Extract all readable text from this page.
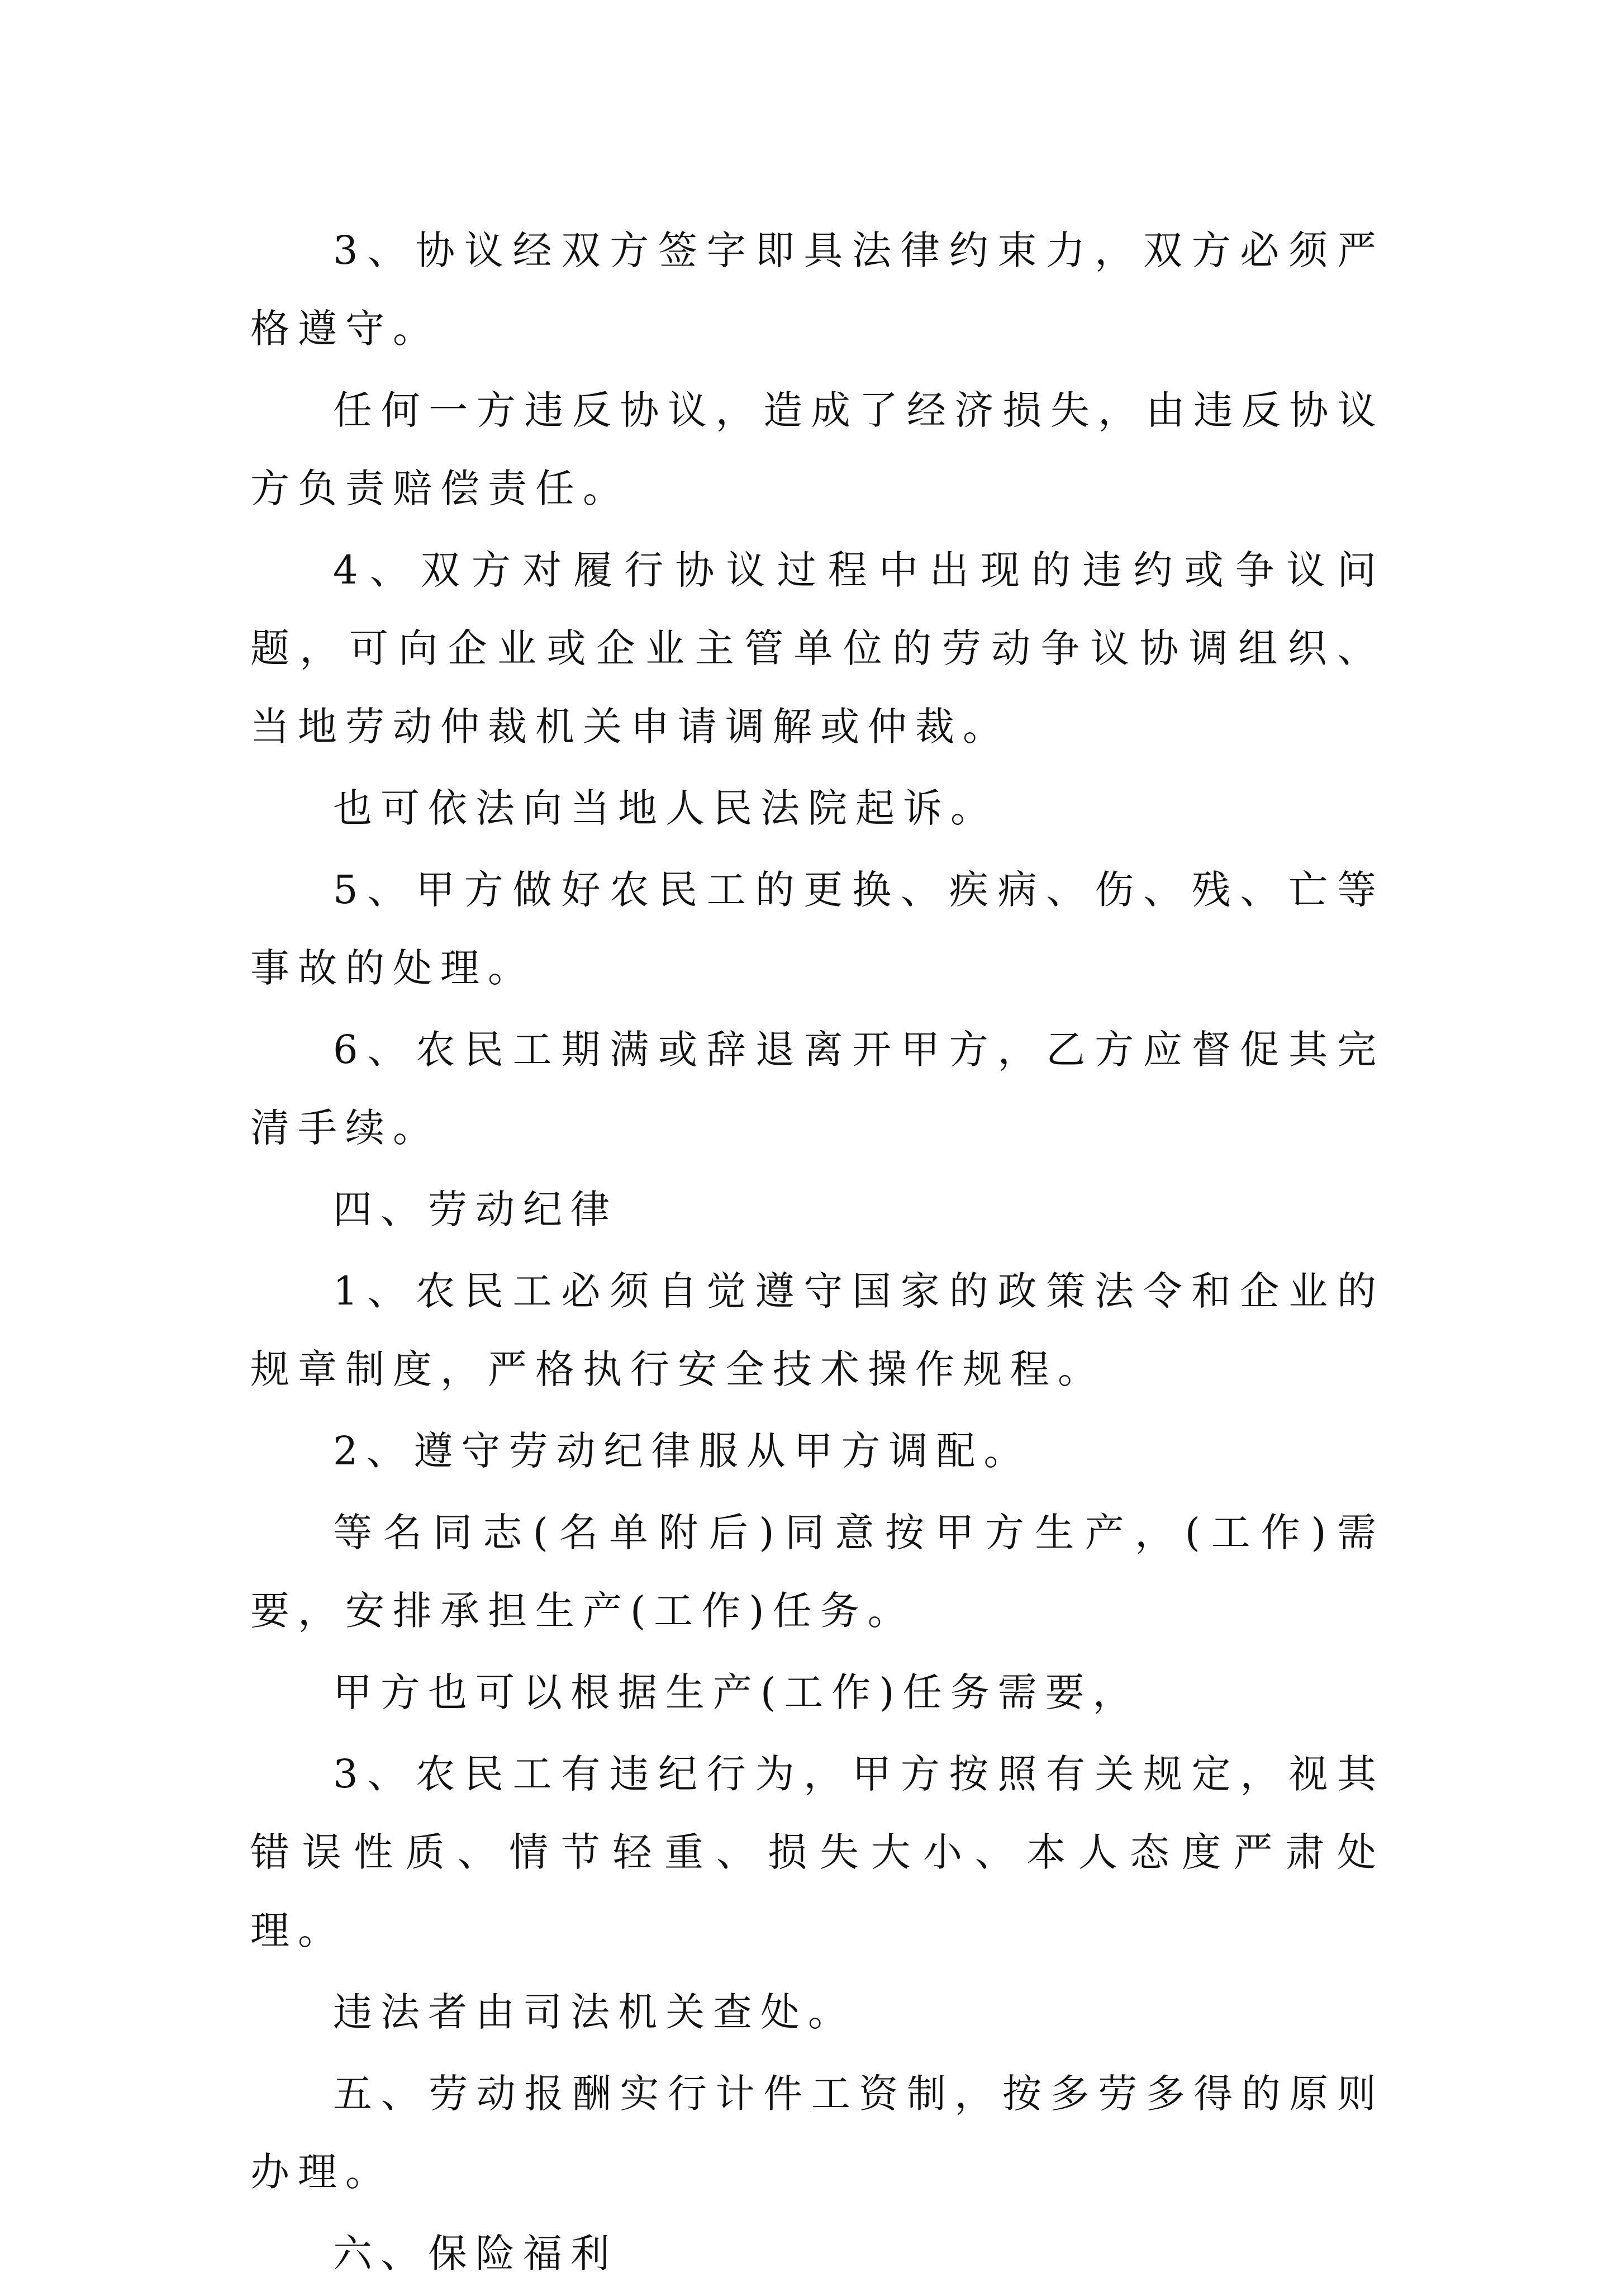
3、协议经双方签字即具法律约束力，双方必须严格遵守。

任何一方违反协议，造成了经济损失，由违反协议方负责赔偿责任。

4、双方对履行协议过程中出现的违约或争议问题，可向企业或企业主管单位的劳动争议协调组织、当地劳动仲裁机关申请调解或仲裁。

也可依法向当地人民法院起诉。

5、甲方做好农民工的更换、疾病、伤、残、亡等事故的处理。

6、农民工期满或辞退离开甲方，乙方应督促其完清手续。

四、劳动纪律

1、农民工必须自觉遵守国家的政策法令和企业的规章制度，严格执行安全技术操作规程。

2、遵守劳动纪律服从甲方调配。

等名同志(名单附后)同意按甲方生产，(工作)需要，安排承担生产(工作)任务。

甲方也可以根据生产(工作)任务需要，

3、农民工有违纪行为，甲方按照有关规定，视其错误性质、情节轻重、损失大小、本人态度严肃处理。

违法者由司法机关查处。

五、劳动报酬实行计件工资制，按多劳多得的原则办理。

六、保险福利
